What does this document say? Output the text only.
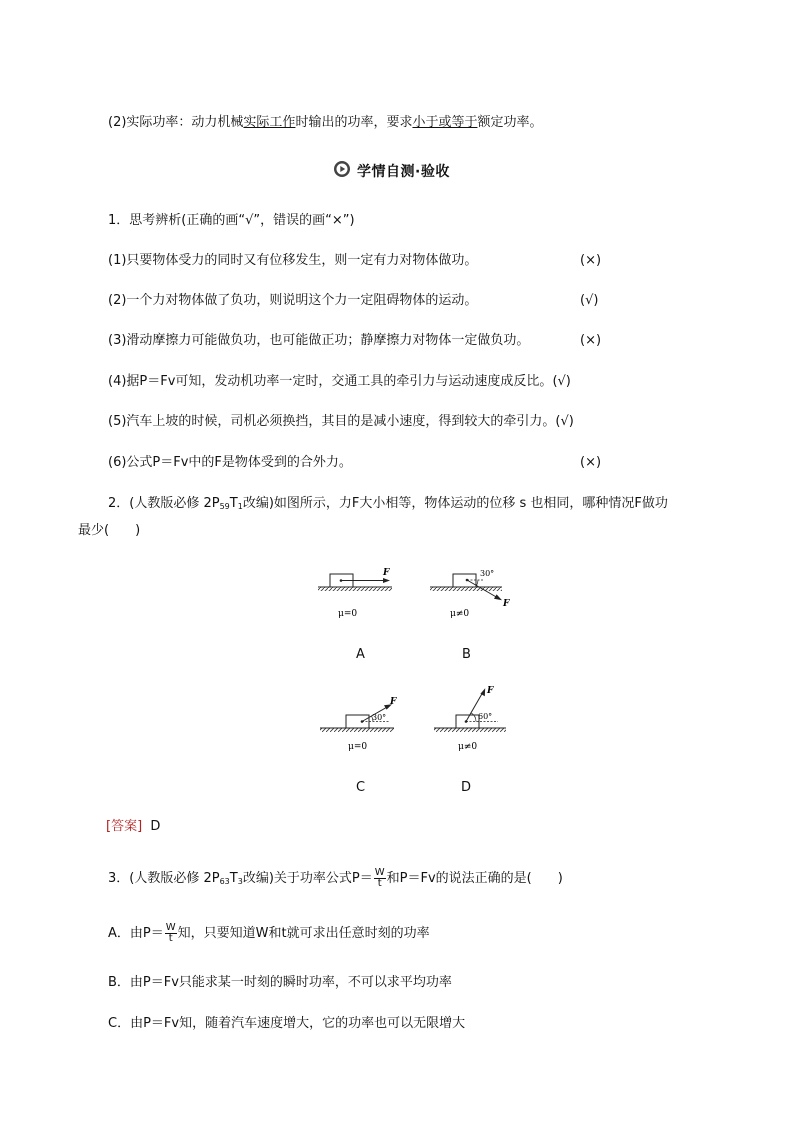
(2)实际功率：动力机械实际工作时输出的功率，要求小于或等于额定功率。
学情自测·验收
1．思考辨析(正确的画“√”，错误的画“×”)
(1)只要物体受力的同时又有位移发生，则一定有力对物体做功。	(×)
(2)一个力对物体做了负功，则说明这个力一定阻碍物体的运动。	(√)
(3)滑动摩擦力可能做负功，也可能做正功；静摩擦力对物体一定做负功。	(×)
(4)据P＝Fv可知，发动机功率一定时，交通工具的牵引力与运动速度成反比。(√)
(5)汽车上坡的时候，司机必须换挡，其目的是减小速度，得到较大的牵引力。(√)
(6)公式P＝Fv中的F是物体受到的合外力。	(×)
2．(人教版必修 $2P_{59}T_1$改编)如图所示，力F大小相等，物体运动的位移 s 也相同，哪种情况F做功
最少(　　)
F
μ=0
A
30°
F
μ≠0
B
30°
F
μ=0
C
60°
F
μ≠0
D
[答案] D
3．(人教版必修 $2P_{63}T_3$改编)关于功率公式$P= \frac{W}{t}$ 和P＝Fv的说法正确的是(　　)
A．由$P= \frac{W}{t}$ 知，只要知道W和t就可求出任意时刻的功率
B．由P＝Fv只能求某一时刻的瞬时功率，不可以求平均功率
C．由P＝Fv知，随着汽车速度增大，它的功率也可以无限增大
